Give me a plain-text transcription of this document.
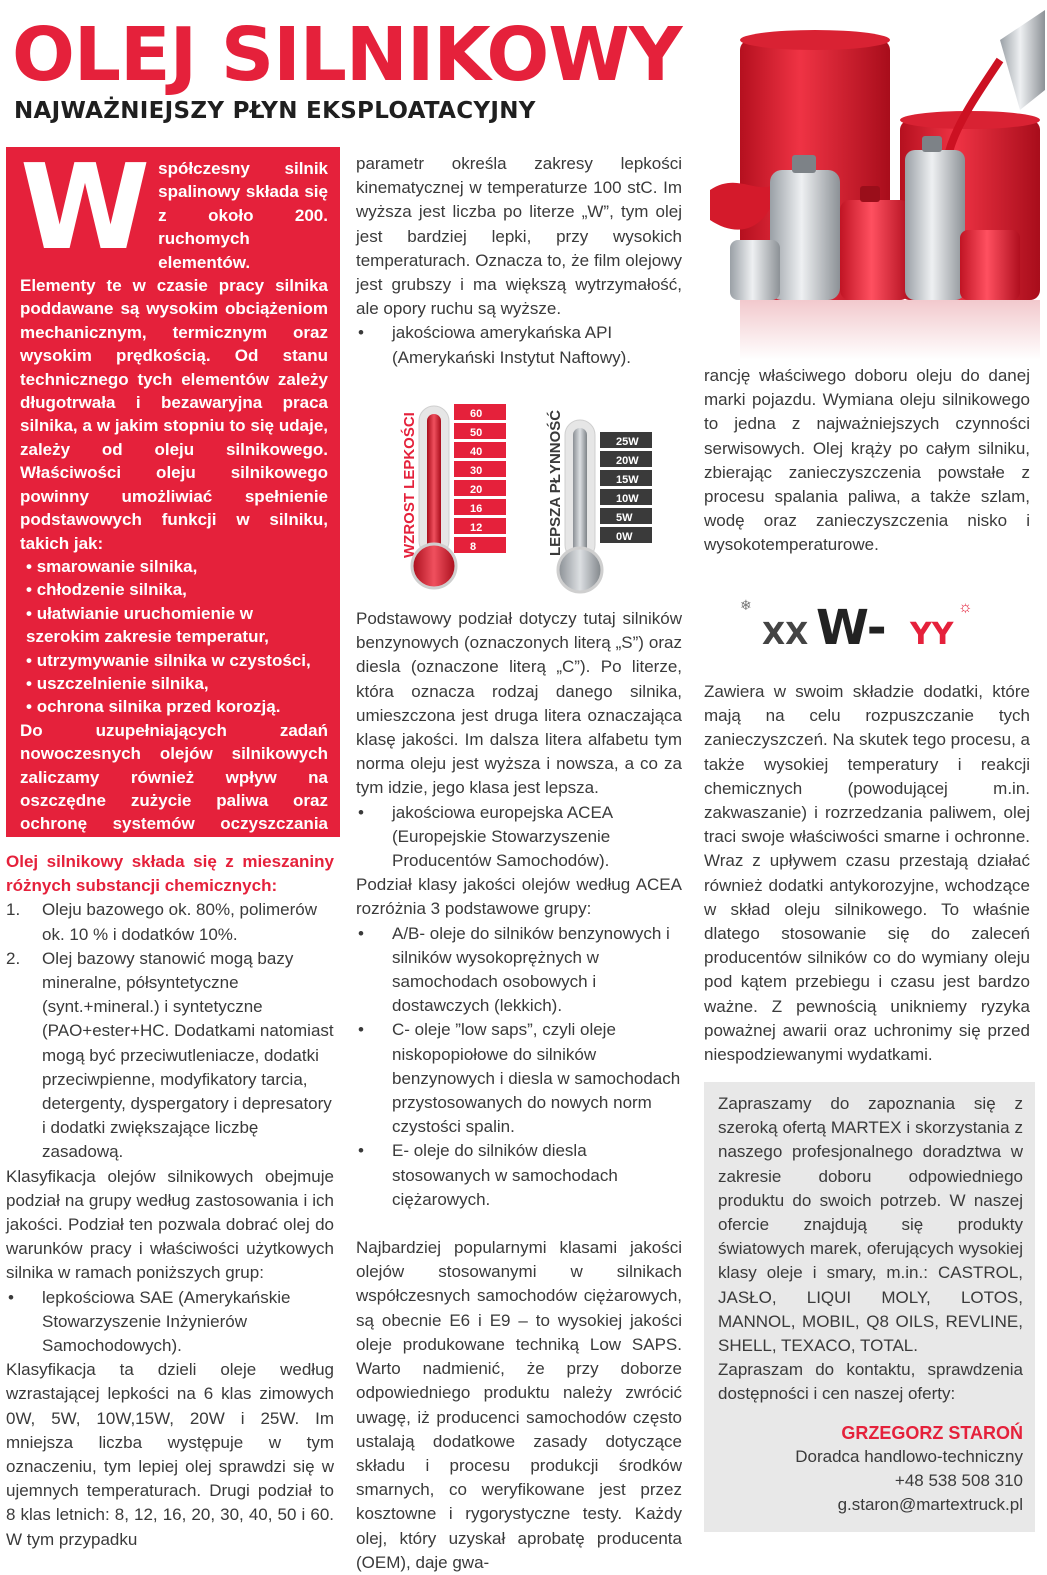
OLEJ SILNIKOWY
NAJWAŻNIEJSZY PŁYN EKSPLOATACYJNY
W spółczesny silnik spalinowy składa się z około 200. ruchomych elementów. Elementy te w czasie pracy silnika poddawane są wysokim obciążeniom mechanicznym, termicznym oraz wysokim prędkością. Od stanu technicznego tych elementów zależy długotrwała i bezawaryjna praca silnika, a w jakim stopniu to się udaje, zależy od oleju silnikowego. Właściwości oleju silnikowego powinny umożliwiać spełnienie podstawowych funkcji w silniku, takich jak:

• smarowanie silnika,
• chłodzenie silnika,
• ułatwianie uruchomienie w szerokim zakresie temperatur,
• utrzymywanie silnika w czystości,
• uszczelnienie silnika,
• ochrona silnika przed korozją.

Do uzupełniających zadań nowoczesnych olejów silnikowych zaliczamy również wpływ na oszczędne zużycie paliwa oraz ochronę systemów oczyszczania spalin w niskoemisyjnych silnikach.

Olej silnikowy składa się z mieszaniny różnych substancji chemicznych:

1.	Oleju bazowego ok. 80%, polimerów ok. 10 % i dodatków 10%.
2.	Olej bazowy stanowić mogą bazy mineralne, półsyntetyczne (synt.+mineral.) i syntetyczne (PAO+ester+HC. Dodatkami natomiast mogą być przeciwutleniacze, dodatki przeciwpienne, modyfikatory tarcia, detergenty, dyspergatory i depresatory i dodatki zwiększające liczbę zasadową.

Klasyfikacja olejów silnikowych obejmuje podział na grupy według zastosowania i ich jakości. Podział ten pozwala dobrać olej do warunków pracy i właściwości użytkowych silnika w ramach poniższych grup:

•	lepkościowa SAE (Amerykańskie Stowarzyszenie Inżynierów Samochodowych).

Klasyfikacja ta dzieli oleje według wzrastającej lepkości na 6 klas zimowych 0W, 5W, 10W,15W, 20W i 25W. Im mniejsza liczba występuje w tym oznaczeniu, tym lepiej olej sprawdzi się w ujemnych temperaturach. Drugi podział to 8 klas letnich: 8, 12, 16, 20, 30, 40, 50 i 60. W tym przypadku

parametr określa zakresy lepkości kinematycznej w temperaturze 100 stC. Im wyższa jest liczba po literze „W”, tym olej jest bardziej lepki, przy wysokich temperaturach. Oznacza to, że film olejowy jest grubszy i ma większą wytrzymałość, ale opory ruchu są wyższe.

•	jakościowa amerykańska API (Amerykański Instytut Naftowy).
WZROST LEPKOŚCI	60
50
40
30
20
16
12
8	LEPSZA PŁYNNOŚĆ	25W
20W
15W
10W
5W
0W

Podstawowy podział dotyczy tutaj silników benzynowych (oznaczonych literą „S”) oraz diesla (oznaczone literą „C”). Po literze, która oznacza rodzaj danego silnika, umieszczona jest druga litera oznaczająca klasę jakości. Im dalsza litera alfabetu tym norma oleju jest wyższa i nowsza, a co za tym idzie, jego klasa jest lepsza.

•	jakościowa europejska ACEA (Europejskie Stowarzyszenie Producentów Samochodów).

Podział klasy jakości olejów według ACEA rozróżnia 3 podstawowe grupy:

•	A/B- oleje do silników benzynowych i silników wysokoprężnych w samochodach osobowych i dostawczych (lekkich).
•	C- oleje ”low saps”, czyli oleje niskopopiołowe do silników benzynowych i diesla w samochodach przystosowanych do nowych norm czystości spalin.
•	E- oleje do silników diesla stosowanych w samochodach ciężarowych.

Najbardziej popularnymi klasami jakości olejów stosowanymi w silnikach współczesnych samochodów ciężarowych, są obecnie E6 i E9 – to wysokiej jakości oleje produkowane techniką Low SAPS. Warto nadmienić, że przy doborze odpowiedniego produktu należy zwrócić uwagę, iż producenci samochodów często ustalają dodatkowe zasady dotyczące składu i procesu produkcji środków smarnych, co weryfikowane jest przez kosztowne i rygorystyczne testy. Każdy olej, który uzyskał aprobatę producenta (OEM), daje gwa-

rancję właściwego doboru oleju do danej marki pojazdu. Wymiana oleju silnikowego to jedna z najważniejszych czynności serwisowych. Olej krąży po całym silniku, zbierając zanieczyszczenia powstałe z procesu spalania paliwa, a także szlam, wodę oraz zanieczyszczenia nisko i wysokotemperaturowe.

❄
XX W- YY
☼

Zawiera w swoim składzie dodatki, które mają na celu rozpuszczanie tych zanieczyszczeń. Na skutek tego procesu, a także wysokiej temperatury i reakcji chemicznych (powodującej m.in. zakwaszanie) i rozrzedzania paliwem, olej traci swoje właściwości smarne i ochronne. Wraz z upływem czasu przestają działać również dodatki antykorozyjne, wchodzące w skład oleju silnikowego. To właśnie dlatego stosowanie się do zaleceń producentów silników co do wymiany oleju pod kątem przebiegu i czasu jest bardzo ważne. Z pewnością unikniemy ryzyka poważnej awarii oraz uchronimy się przed niespodziewanymi wydatkami.

Zapraszamy do zapoznania się z szeroką ofertą MARTEX i skorzystania z naszego profesjonalnego doradztwa w zakresie doboru odpowiedniego produktu do swoich potrzeb. W naszej ofercie znajdują się produkty światowych marek, oferujących wysokiej klasy oleje i smary, m.in.: CASTROL, JASŁO, LIQUI MOLY, LOTOS, MANNOL, MOBIL, Q8 OILS, REVLINE, SHELL, TEXACO, TOTAL.

Zapraszam do kontaktu, sprawdzenia dostępności i cen naszej oferty:

GRZEGORZ STAROŃ
Doradca handlowo-techniczny
+48 538 508 310
g.staron@martextruck.pl
